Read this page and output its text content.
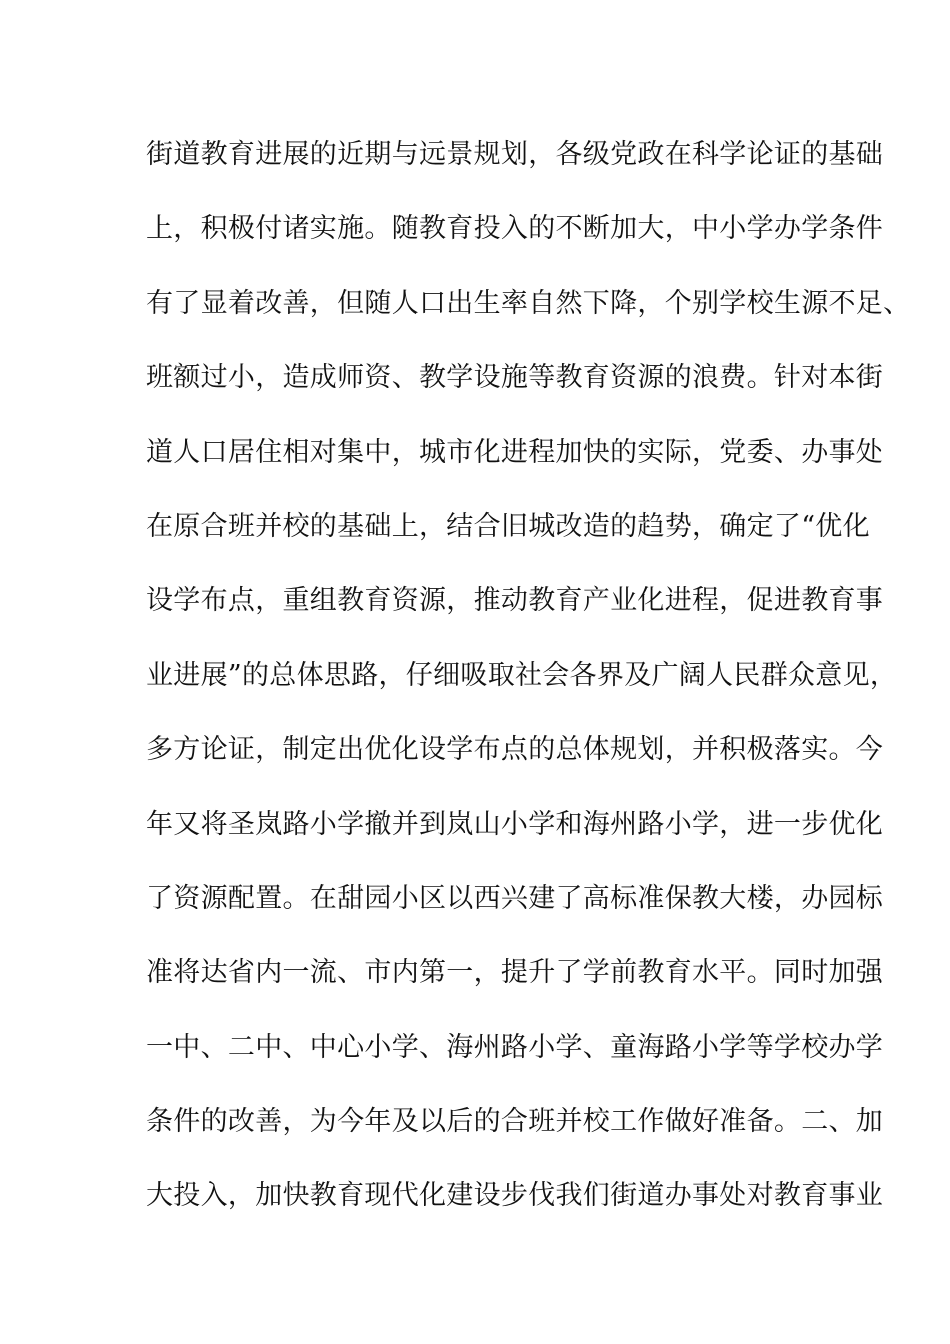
街道教育进展的近期与远景规划，各级党政在科学论证的基础
上，积极付诸实施。随教育投入的不断加大，中小学办学条件
有了显着改善，但随人口出生率自然下降，个别学校生源不足、
班额过小，造成师资、教学设施等教育资源的浪费。针对本街
道人口居住相对集中，城市化进程加快的实际，党委、办事处
在原合班并校的基础上，结合旧城改造的趋势，确定了“优化
设学布点，重组教育资源，推动教育产业化进程，促进教育事
业进展”的总体思路，仔细吸取社会各界及广阔人民群众意见，
多方论证，制定出优化设学布点的总体规划，并积极落实。今
年又将圣岚路小学撤并到岚山小学和海州路小学，进一步优化
了资源配置。在甜园小区以西兴建了高标准保教大楼，办园标
准将达省内一流、市内第一，提升了学前教育水平。同时加强
一中、二中、中心小学、海州路小学、童海路小学等学校办学
条件的改善，为今年及以后的合班并校工作做好准备。二、加
大投入，加快教育现代化建设步伐我们街道办事处对教育事业
